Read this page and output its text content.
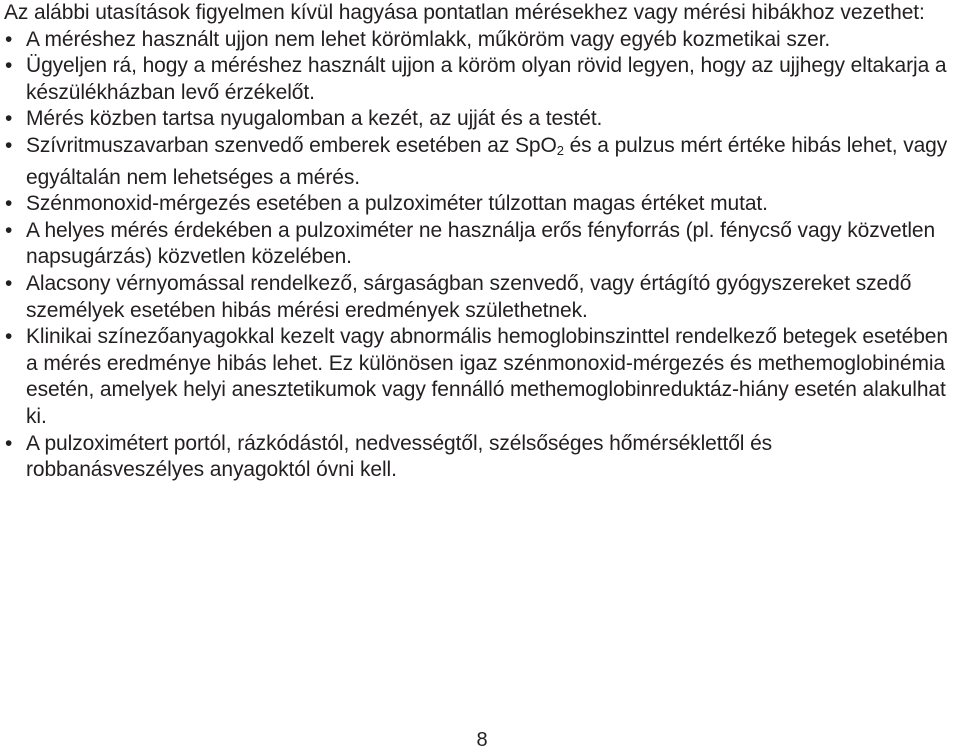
Az alábbi utasítások figyelmen kívül hagyása pontatlan mérésekhez vagy mérési hibákhoz vezethet:

• A méréshez használt ujjon nem lehet körömlakk, műköröm vagy egyéb kozmetikai szer.
• Ügyeljen rá, hogy a méréshez használt ujjon a köröm olyan rövid legyen, hogy az ujjhegy eltakarja a készülékházban levő érzékelőt.
• Mérés közben tartsa nyugalomban a kezét, az ujját és a testét.
• Szívritmuszavarban szenvedő emberek esetében az SpO$_2$ és a pulzus mért értéke hibás lehet, vagy egyáltalán nem lehetséges a mérés.
• Szénmonoxid-mérgezés esetében a pulzoximéter túlzottan magas értéket mutat.
• A helyes mérés érdekében a pulzoximéter ne használja erős fényforrás (pl. fénycső vagy közvetlen napsugárzás) közvetlen közelében.
• Alacsony vérnyomással rendelkező, sárgaságban szenvedő, vagy értágító gyógyszereket szedő személyek esetében hibás mérési eredmények születhetnek.
• Klinikai színezőanyagokkal kezelt vagy abnormális hemoglobinszinttel rendelkező betegek esetében a mérés eredménye hibás lehet. Ez különösen igaz szénmonoxid-mérgezés és methemoglobinémia esetén, amelyek helyi anesztetikumok vagy fennálló methemoglobinreduktáz-hiány esetén alakulhat ki.
• A pulzoximétert portól, rázkódástól, nedvességtől, szélsőséges hőmérséklettől és robbanásveszélyes anyagoktól óvni kell.
8
